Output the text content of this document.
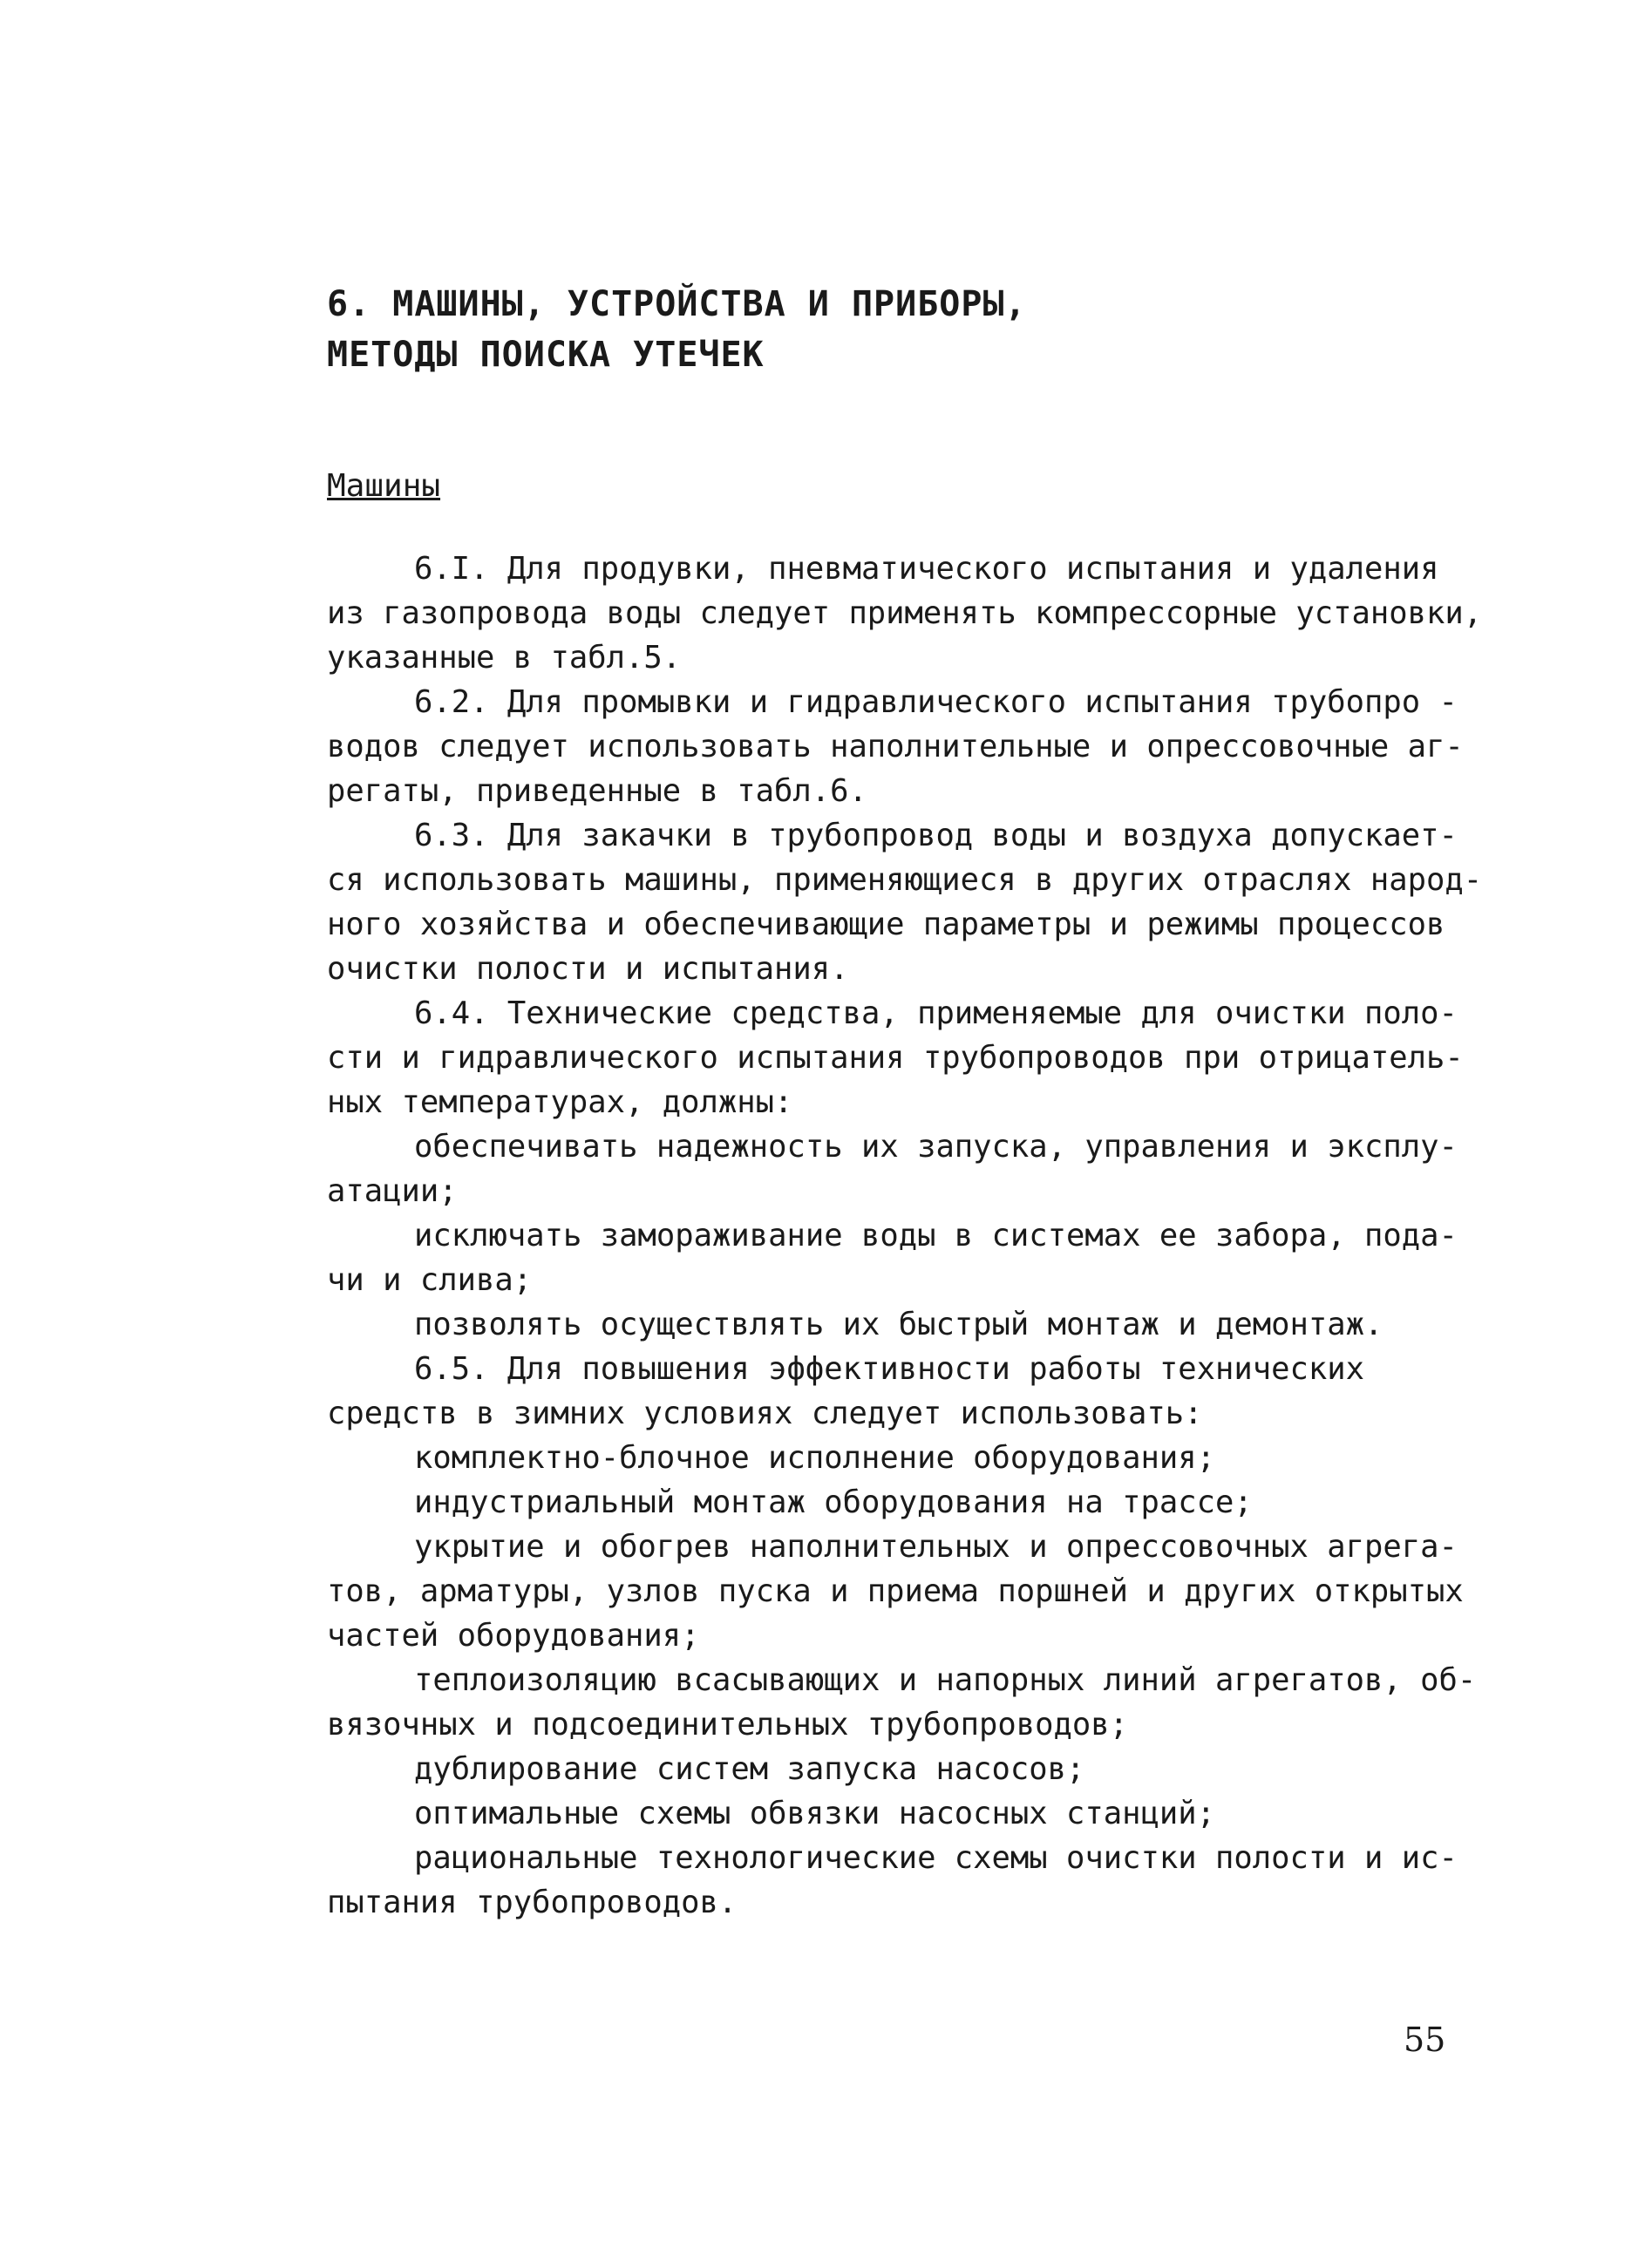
6. МАШИНЫ, УСТРОЙСТВА И ПРИБОРЫ,
МЕТОДЫ ПОИСКА УТЕЧЕК
Машины
6.I. Для продувки, пневматического испытания и удаления
из газопровода воды следует применять компрессорные установки,
указанные в табл.5.
6.2. Для промывки и гидравлического испытания трубопро -
водов следует использовать наполнительные и опрессовочные аг-
регаты, приведенные в табл.6.
6.3. Для закачки в трубопровод воды и воздуха допускает-
ся использовать машины, применяющиеся в других отраслях народ-
ного хозяйства и обеспечивающие параметры и режимы процессов
очистки полости и испытания.
6.4. Технические средства, применяемые для очистки поло-
сти и гидравлического испытания трубопроводов при отрицатель-
ных температурах, должны:
обеспечивать надежность их запуска, управления и эксплу-
атации;
исключать замораживание воды в системах ее забора, пода-
чи и слива;
позволять осуществлять их быстрый монтаж и демонтаж.
6.5. Для повышения эффективности работы технических
средств в зимних условиях следует использовать:
комплектно-блочное исполнение оборудования;
индустриальный монтаж оборудования на трассе;
укрытие и обогрев наполнительных и опрессовочных агрега-
тов, арматуры, узлов пуска и приема поршней и других открытых
частей оборудования;
теплоизоляцию всасывающих и напорных линий агрегатов, об-
вязочных и подсоединительных трубопроводов;
дублирование систем запуска насосов;
оптимальные схемы обвязки насосных станций;
рациональные технологические схемы очистки полости и ис-
пытания трубопроводов.
55
